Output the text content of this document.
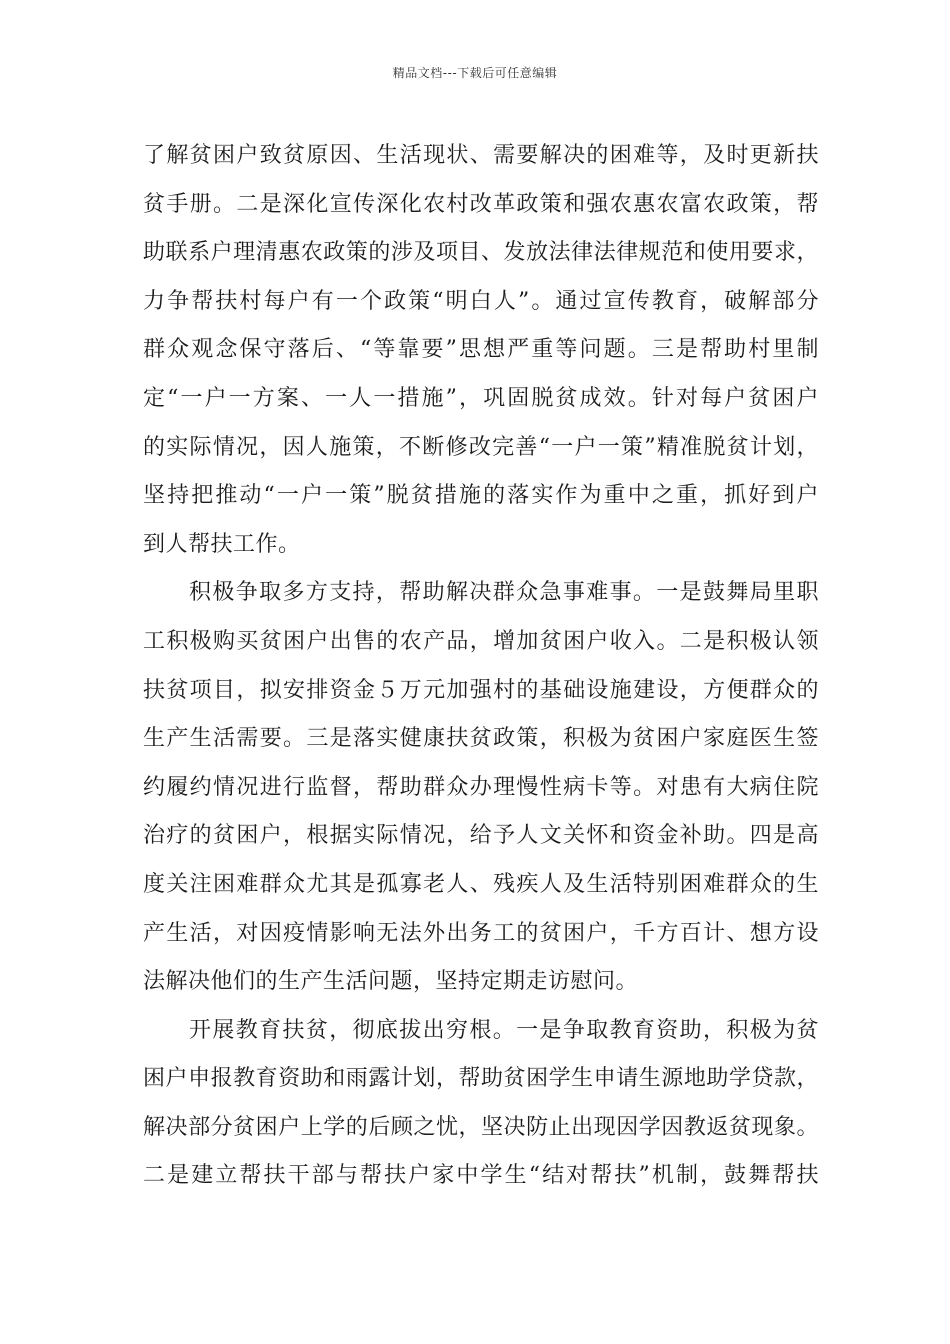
精品文档---下载后可任意编辑
了解贫困户致贫原因、生活现状、需要解决的困难等，及时更新扶
贫手册。二是深化宣传深化农村改革政策和强农惠农富农政策，帮
助联系户理清惠农政策的涉及项目、发放法律法律规范和使用要求，
力争帮扶村每户有一个政策“明白人”。通过宣传教育，破解部分
群众观念保守落后、“等靠要”思想严重等问题。三是帮助村里制
定“一户一方案、一人一措施”，巩固脱贫成效。针对每户贫困户
的实际情况，因人施策，不断修改完善“一户一策”精准脱贫计划，
坚持把推动“一户一策”脱贫措施的落实作为重中之重，抓好到户
到人帮扶工作。
积极争取多方支持，帮助解决群众急事难事。一是鼓舞局里职
工积极购买贫困户出售的农产品，增加贫困户收入。二是积极认领
扶贫项目，拟安排资金５万元加强村的基础设施建设，方便群众的
生产生活需要。三是落实健康扶贫政策，积极为贫困户家庭医生签
约履约情况进行监督，帮助群众办理慢性病卡等。对患有大病住院
治疗的贫困户，根据实际情况，给予人文关怀和资金补助。四是高
度关注困难群众尤其是孤寡老人、残疾人及生活特别困难群众的生
产生活，对因疫情影响无法外出务工的贫困户，千方百计、想方设
法解决他们的生产生活问题，坚持定期走访慰问。
开展教育扶贫，彻底拔出穷根。一是争取教育资助，积极为贫
困户申报教育资助和雨露计划，帮助贫困学生申请生源地助学贷款，
解决部分贫困户上学的后顾之忧，坚决防止出现因学因教返贫现象。
二是建立帮扶干部与帮扶户家中学生“结对帮扶”机制，鼓舞帮扶
